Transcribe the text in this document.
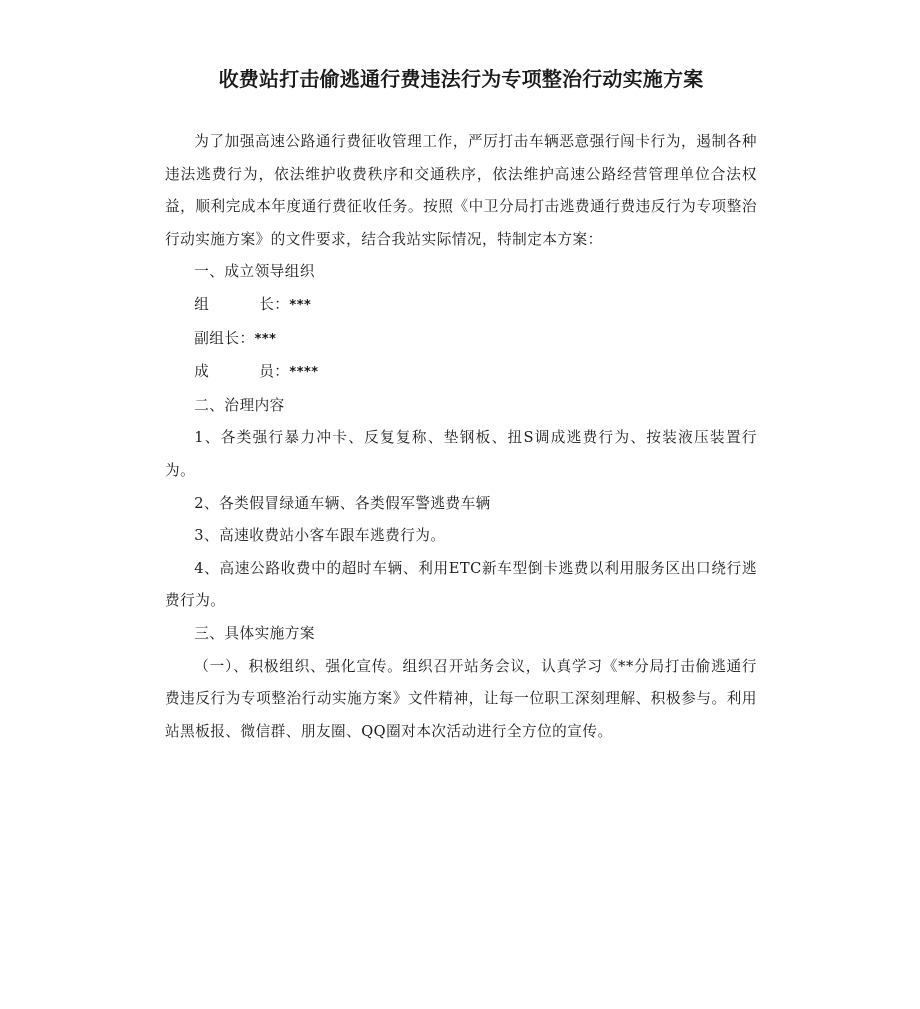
收费站打击偷逃通行费违法行为专项整治行动实施方案

为了加强高速公路通行费征收管理工作，严厉打击车辆恶意强行闯卡行为，遏制各种违法逃费行为，依法维护收费秩序和交通秩序，依法维护高速公路经营管理单位合法权益，顺利完成本年度通行费征收任务。按照《中卫分局打击逃费通行费违反行为专项整治行动实施方案》的文件要求，结合我站实际情况，特制定本方案：

一、成立领导组织

组	长：***

副组长：***

成	员：****

二、治理内容

1、各类强行暴力冲卡、反复复称、垫钢板、扭S调成逃费行为、按装液压装置行为。

2、各类假冒绿通车辆、各类假军警逃费车辆

3、高速收费站小客车跟车逃费行为。

4、高速公路收费中的超时车辆、利用ETC新车型倒卡逃费以利用服务区出口绕行逃费行为。

三、具体实施方案

（一）、积极组织、强化宣传。组织召开站务会议，认真学习《**分局打击偷逃通行费违反行为专项整治行动实施方案》文件精神，让每一位职工深刻理解、积极参与。利用站黑板报、微信群、朋友圈、QQ圈对本次活动进行全方位的宣传。
